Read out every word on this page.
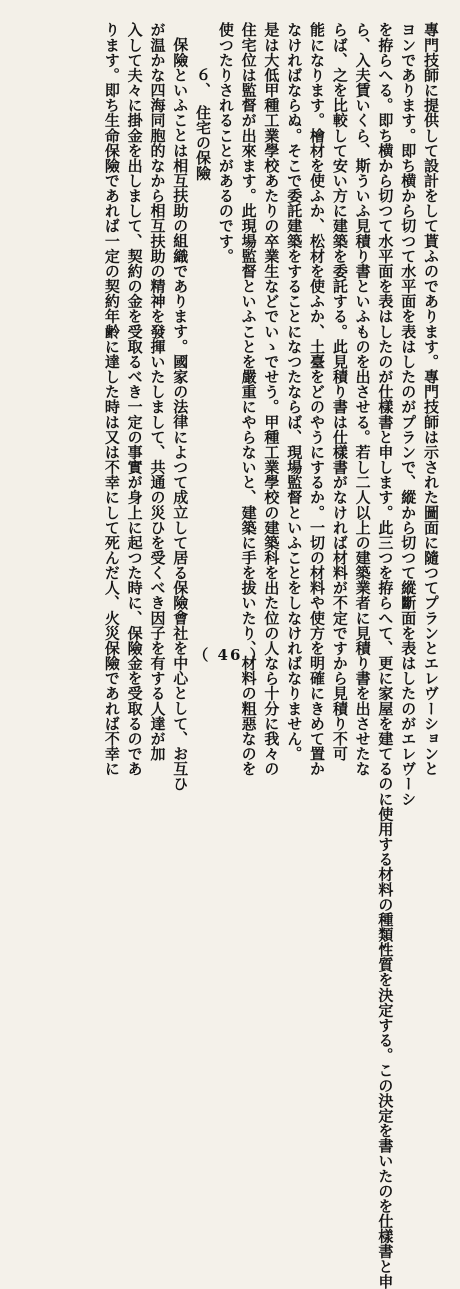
專門技師に提供して設計をして貰ふのであります。專門技師は示された圖面に隨つてプランとエレヴーションと
ヨンであります。即ち横から切つて水平面を表はしたのがプランで、縱から切つて縱斷面を表はしたのがエレヴーシ
を拵らへる。即ち横から切つて水平面を表はしたのが仕樣書と申します。此三つを拵らへて、更に家屋を建てるのに使用する材料の種類性質を決定する。この決定を書いたのを仕樣書と申
ら、入夫賃いくら、斯ういふ見積り書といふものを出させる。若し二人以上の建築業者に見積り書を出させたな
らば、之を比較して安い方に建築を委託する。此見積り書は仕樣書がなければ材料が不定ですから見積り不可
能になります。檜材を使ふか、松材を使ふか、土臺をどのやうにするか。一切の材料や使方を明確にきめて置か
なければならぬ。そこで委託建築をすることになつたならば、現場監督といふことをしなければなりません。
是は大低甲種工業學校あたりの卒業生などでいゝでせう。甲種工業學校の建築科を出た位の人なら十分に我々の
住宅位は監督が出來ます。此現場監督といふことを嚴重にやらないと、建築に手を拔いたり、材料の粗惡なのを
使つたりされることがあるのです。
６、　住宅の保險
保險といふことは相互扶助の組織であります。國家の法律によつて成立して居る保險會社を中心として、お互ひ
が温かな四海同胞的なから相互扶助の精神を發揮いたしまして、共通の災ひを受くべき因子を有する人達が加
入して夫々に掛金を出しまして、契約の金を受取るべき一定の事實が身上に起つた時に、保險金を受取るのであ
ります。即ち生命保險であれば一定の契約年齢に達した時は又は不幸にして死んだ人、火災保險であれば不幸に	（ 46 ）
